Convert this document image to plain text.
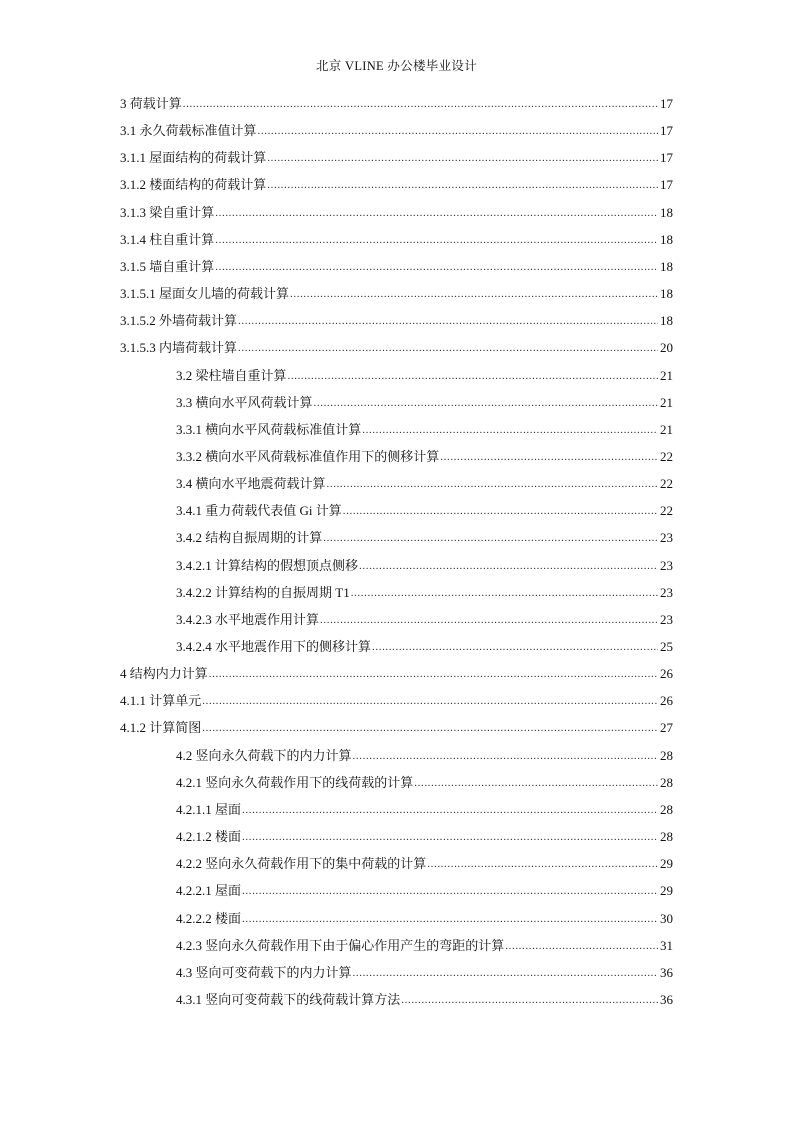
北京 VLINE 办公楼毕业设计
3 荷载计算 .....	17
3.1 永久荷载标准值计算 .....	17
3.1.1 屋面结构的荷载计算 .....	17
3.1.2 楼面结构的荷载计算 .....	17
3.1.3 梁自重计算 .....	18
3.1.4 柱自重计算 .....	18
3.1.5 墙自重计算 .....	18
3.1.5.1 屋面女儿墙的荷载计算 .....	18
3.1.5.2 外墙荷载计算 .....	18
3.1.5.3 内墙荷载计算 .....	20
3.2 梁柱墙自重计算 .....	21
3.3 横向水平风荷载计算 .....	21
3.3.1 横向水平风荷载标准值计算 .....	21
3.3.2 横向水平风荷载标准值作用下的侧移计算 .....	22
3.4 横向水平地震荷载计算 .....	22
3.4.1 重力荷载代表值 Gi 计算 .....	22
3.4.2 结构自振周期的计算 .....	23
3.4.2.1 计算结构的假想顶点侧移 .....	23
3.4.2.2 计算结构的自振周期 T1 .....	23
3.4.2.3 水平地震作用计算 .....	23
3.4.2.4 水平地震作用下的侧移计算 .....	25
4 结构内力计算 .....	26
4.1.1 计算单元 .....	26
4.1.2 计算简图 .....	27
4.2 竖向永久荷载下的内力计算 .....	28
4.2.1 竖向永久荷载作用下的线荷载的计算 .....	28
4.2.1.1 屋面 .....	28
4.2.1.2 楼面 .....	28
4.2.2 竖向永久荷载作用下的集中荷载的计算 .....	29
4.2.2.1 屋面 .....	29
4.2.2.2 楼面 .....	30
4.2.3 竖向永久荷载作用下由于偏心作用产生的弯距的计算 .....	31
4.3 竖向可变荷载下的内力计算 .....	36
4.3.1 竖向可变荷载下的线荷载计算方法 .....	36
